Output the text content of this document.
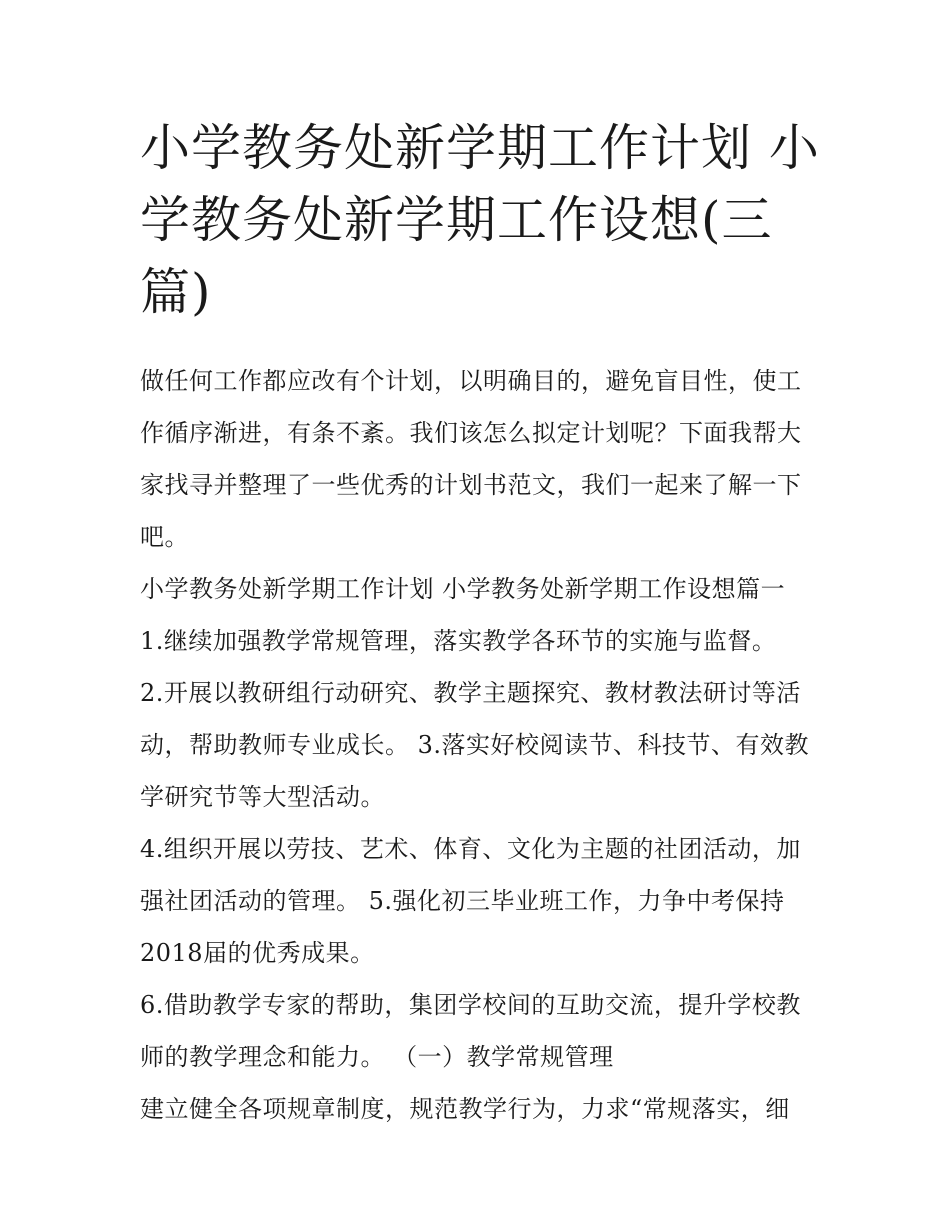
小学教务处新学期工作计划 小学教务处新学期工作设想(三篇)

做任何工作都应改有个计划，以明确目的，避免盲目性，使工作循序渐进，有条不紊。我们该怎么拟定计划呢？下面我帮大家找寻并整理了一些优秀的计划书范文，我们一起来了解一下吧。

小学教务处新学期工作计划 小学教务处新学期工作设想篇一

1.继续加强教学常规管理，落实教学各环节的实施与监督。

2.开展以教研组行动研究、教学主题探究、教材教法研讨等活动，帮助教师专业成长。 3.落实好校阅读节、科技节、有效教学研究节等大型活动。

4.组织开展以劳技、艺术、体育、文化为主题的社团活动，加强社团活动的管理。 5.强化初三毕业班工作，力争中考保持2018届的优秀成果。

6.借助教学专家的帮助，集团学校间的互助交流，提升学校教师的教学理念和能力。 （一）教学常规管理

建立健全各项规章制度，规范教学行为，力求“常规落实，细
